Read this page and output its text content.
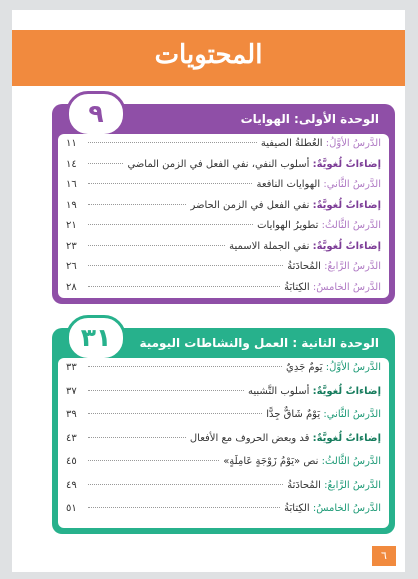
المحتويات
٩	الوحدة الأولى: الهوايات
الدَّرسُ الأوَّلُ: العُطلةُ الصيفية
١١
إضاءاتٌ لُغويَّةٌ: أسلوب النفي، نفي الفعل في الزمن الماضي
١٤
الدَّرسُ الثَّاني: الهوايات النافعة
١٦
إضاءاتٌ لُغويَّةٌ: نفي الفعل في الزمن الحاضر
١٩
الدَّرسُ الثَّالثُ: تطويرُ الهوايات
٢١
إضاءاتٌ لُغويَّةٌ: نفي الجملة الاسمية
٢٣
الدَّرسُ الرَّابعُ: المُحادَثةُ
٢٦
الدَّرسُ الخامسُ: الكِتابَةُ
٢٨
٣١	الوحدة الثانية : العمل والنشاطات اليومية
الدَّرسُ الأوَّلُ: يَومٌ جَدِيٌ
٣٣
إضاءاتٌ لُغويَّةٌ: أسلوب التَّشبيه
٣٧
الدَّرسُ الثَّاني: يَوْمٌ شَاقٌّ جِدًّا
٣٩
إضاءاتٌ لُغويَّةٌ: قد وبعض الحروف مع الأفعال
٤٣
الدَّرسُ الثَّالثُ: نص «يَوْمُ زَوْجَةٍ عَامِلَةٍ»
٤٥
الدَّرسُ الرَّابعُ: المُحادَثةُ
٤٩
الدَّرسُ الخامسُ: الكِتابَةُ
٥١
٦
